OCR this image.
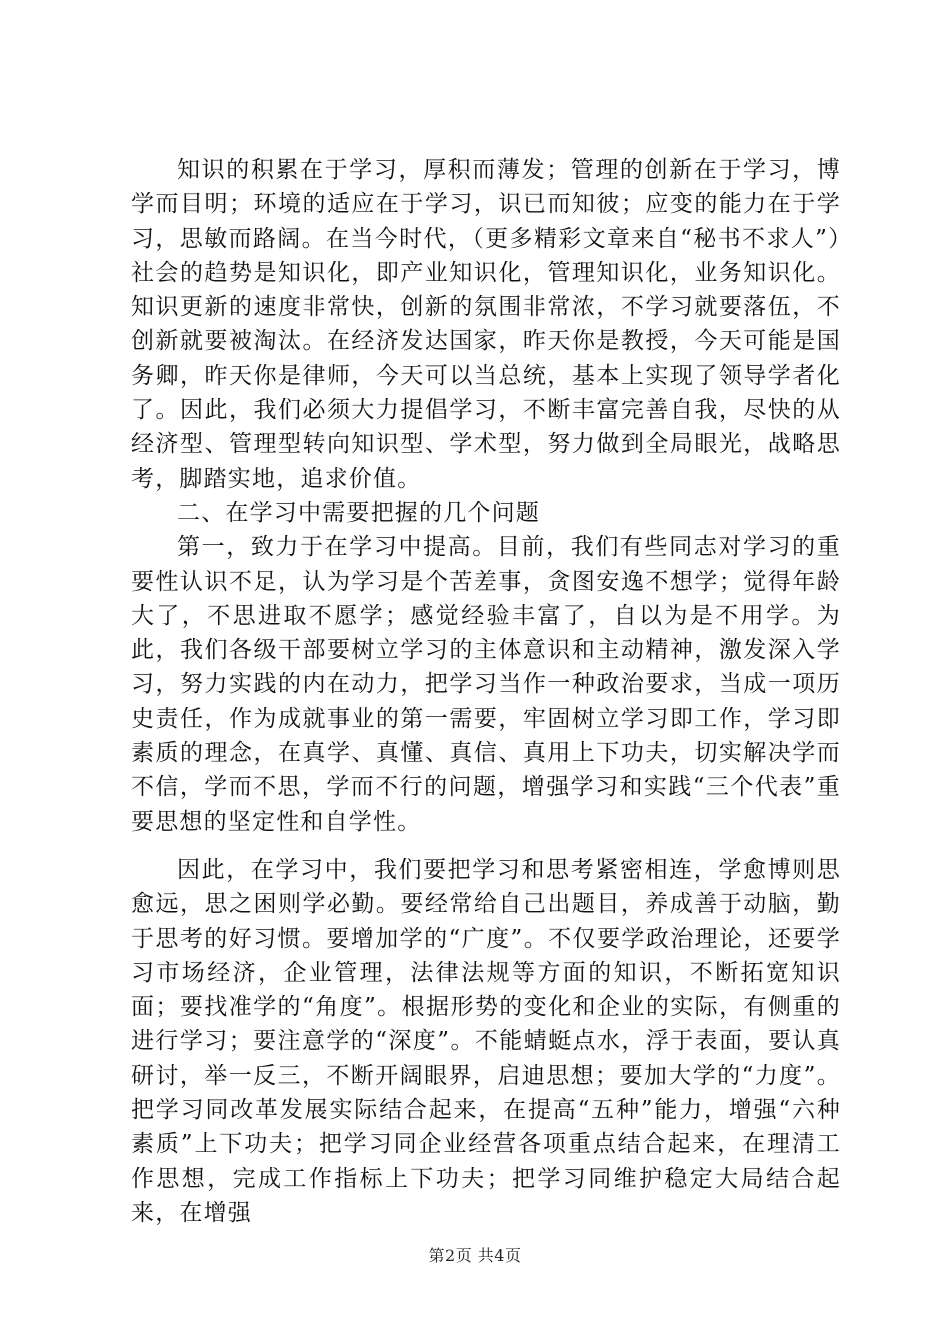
知识的积累在于学习，厚积而薄发；管理的创新在于学习，博学而目明；环境的适应在于学习，识已而知彼；应变的能力在于学习，思敏而路阔。在当今时代，（更多精彩文章来自“秘书不求人”）社会的趋势是知识化，即产业知识化，管理知识化，业务知识化。知识更新的速度非常快，创新的氛围非常浓，不学习就要落伍，不创新就要被淘汰。在经济发达国家，昨天你是教授，今天可能是国务卿，昨天你是律师，今天可以当总统，基本上实现了领导学者化了。因此，我们必须大力提倡学习，不断丰富完善自我，尽快的从经济型、管理型转向知识型、学术型，努力做到全局眼光，战略思考，脚踏实地，追求价值。

二、在学习中需要把握的几个问题

第一，致力于在学习中提高。目前，我们有些同志对学习的重要性认识不足，认为学习是个苦差事，贪图安逸不想学；觉得年龄大了，不思进取不愿学；感觉经验丰富了，自以为是不用学。为此，我们各级干部要树立学习的主体意识和主动精神，激发深入学习，努力实践的内在动力，把学习当作一种政治要求，当成一项历史责任，作为成就事业的第一需要，牢固树立学习即工作，学习即素质的理念，在真学、真懂、真信、真用上下功夫，切实解决学而不信，学而不思，学而不行的问题，增强学习和实践“三个代表”重要思想的坚定性和自学性。

因此，在学习中，我们要把学习和思考紧密相连，学愈博则思愈远，思之困则学必勤。要经常给自己出题目，养成善于动脑，勤于思考的好习惯。要增加学的“广度”。不仅要学政治理论，还要学习市场经济，企业管理，法律法规等方面的知识，不断拓宽知识面；要找准学的“角度”。根据形势的变化和企业的实际，有侧重的进行学习；要注意学的“深度”。不能蜻蜓点水，浮于表面，要认真研讨，举一反三，不断开阔眼界，启迪思想；要加大学的“力度”。把学习同改革发展实际结合起来，在提高“五种”能力，增强“六种素质”上下功夫；把学习同企业经营各项重点结合起来，在理清工作思想，完成工作指标上下功夫；把学习同维护稳定大局结合起来，在增强

第2页 共4页
